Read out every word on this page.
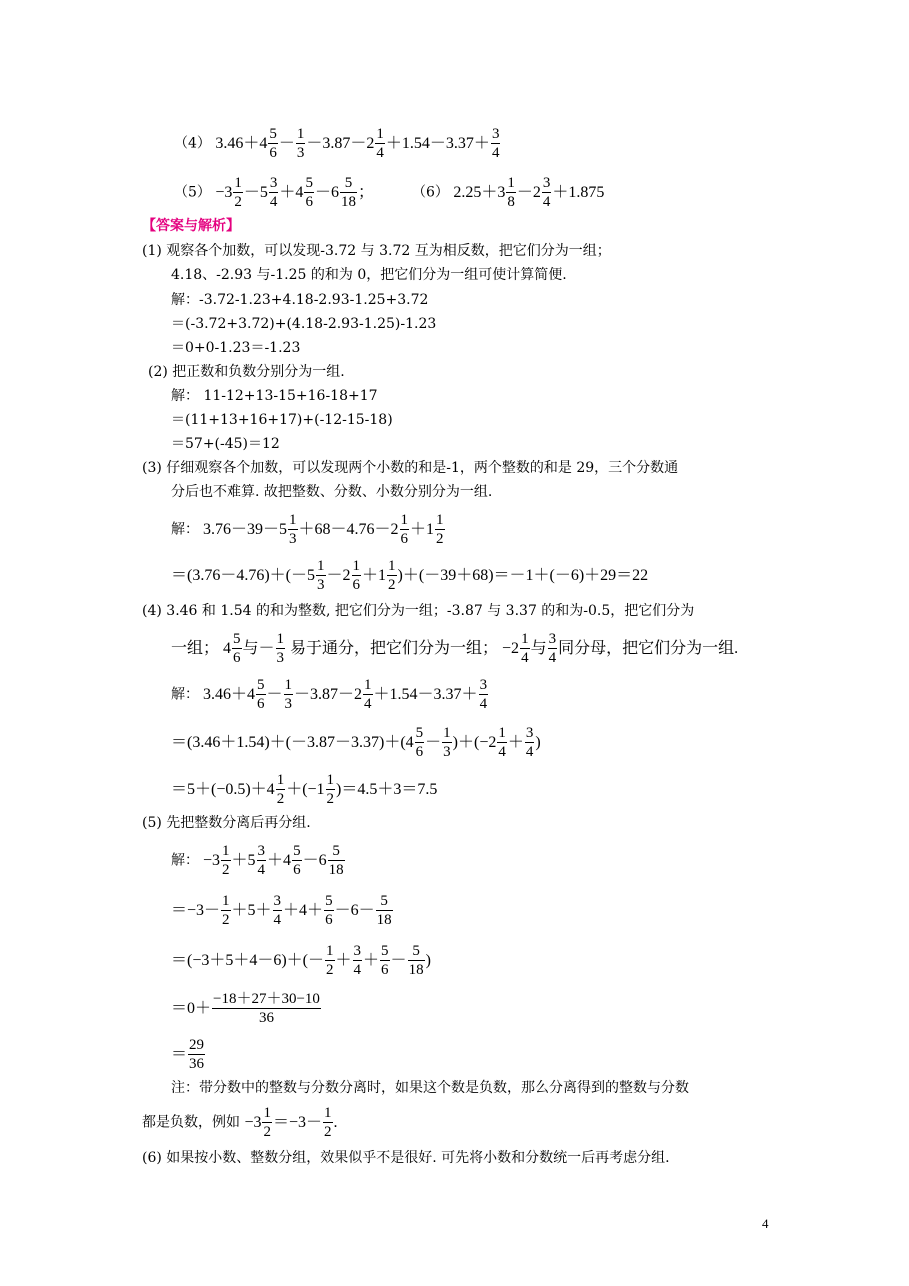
（4） $3.46+4 \frac{5}{6} - \frac{1}{3} -3.87-2 \frac{1}{4} +1.54-3.37+ \frac{3}{4}$
$(5) -3 \frac{1}{2} -5 \frac{3}{4} +4 \frac{5}{6} -6 \frac{5}{18}$ ；	（6） $2.25+3 \frac{1}{8} -2 \frac{3}{4} +1.875$
【答案与解析】
(1) 观察各个加数，可以发现-3.72 与 3.72 互为相反数，把它们分为一组；
4.18、-2.93 与-1.25 的和为 0，把它们分为一组可使计算简便.
解：-3.72-1.23+4.18-2.93-1.25+3.72
＝(-3.72+3.72)+(4.18-2.93-1.25)-1.23
＝0+0-1.23＝-1.23
(2) 把正数和负数分别分为一组.
解： 11-12+13-15+16-18+17
＝(11+13+16+17)+(-12-15-18)
＝57+(-45)＝12
(3) 仔细观察各个加数，可以发现两个小数的和是-1，两个整数的和是 29，三个分数通
分后也不难算. 故把整数、分数、小数分别分为一组.
解： $3.76-39-5 \frac{1}{3} +68-4.76-2 \frac{1}{6} +1 \frac{1}{2}$
$=(3.76-4.76)+(-5 \frac{1}{3} -2 \frac{1}{6} +1 \frac{1}{2} )+(-39+68)=-1+(-6)+29=22$
(4) 3.46 和 1.54 的和为整数, 把它们分为一组；-3.87 与 3.37 的和为-0.5，把它们分为
一组； $4 \frac{5}{6}$ 与－ $\frac{1}{3}$ 易于通分，把它们分为一组； $-2 \frac{1}{4}$ 与 $\frac{3}{4}$ 同分母，把它们分为一组.
解： $3.46+4 \frac{5}{6} - \frac{1}{3} -3.87-2 \frac{1}{4} +1.54-3.37+ \frac{3}{4}$
$=(3.46+1.54)+(-3.87-3.37)+(4 \frac{5}{6} - \frac{1}{3} )+(-2 \frac{1}{4} + \frac{3}{4}$ )
$=5+(-0.5)+4 \frac{1}{2} +(-1 \frac{1}{2} )=4.5+3=7.5$
(5) 先把整数分离后再分组.
解： $-3 \frac{1}{2} +5 \frac{3}{4} +4 \frac{5}{6} -6 \frac{5}{18}$
$=-3- \frac{1}{2} +5+ \frac{3}{4} +4+ \frac{5}{6} -6- \frac{5}{18}$
$=(-3+5+4-6)+(- \frac{1}{2} + \frac{3}{4} + \frac{5}{6} - \frac{5}{18}$ )
$=0+ \frac{-18+27+30-10}{36}$
＝ $\frac{29}{36}$
注：带分数中的整数与分数分离时，如果这个数是负数，那么分离得到的整数与分数
都是负数，例如 $-3 \frac{1}{2} =-3- \frac{1}{2}$ .
(6) 如果按小数、整数分组，效果似乎不是很好. 可先将小数和分数统一后再考虑分组.
4
